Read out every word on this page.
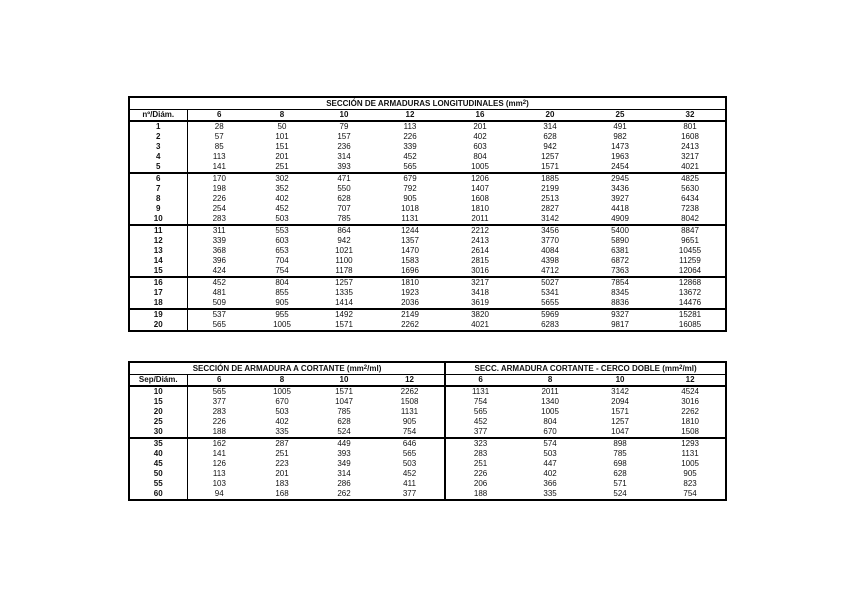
SECCIÓN DE ARMADURAS LONGITUDINALES $(mm^2)$								
nº/Diám.	6	8	10	12	16	20	25	32
1	28	50	79	113	201	314	491	801
2	57	101	157	226	402	628	982	1608
3	85	151	236	339	603	942	1473	2413
4	113	201	314	452	804	1257	1963	3217
5	141	251	393	565	1005	1571	2454	4021
6	170	302	471	679	1206	1885	2945	4825
7	198	352	550	792	1407	2199	3436	5630
8	226	402	628	905	1608	2513	3927	6434
9	254	452	707	1018	1810	2827	4418	7238
10	283	503	785	1131	2011	3142	4909	8042
11	311	553	864	1244	2212	3456	5400	8847
12	339	603	942	1357	2413	3770	5890	9651
13	368	653	1021	1470	2614	4084	6381	10455
14	396	704	1100	1583	2815	4398	6872	11259
15	424	754	1178	1696	3016	4712	7363	12064
16	452	804	1257	1810	3217	5027	7854	12868
17	481	855	1335	1923	3418	5341	8345	13672
18	509	905	1414	2036	3619	5655	8836	14476
19	537	955	1492	2149	3820	5969	9327	15281
20	565	1005	1571	2262	4021	6283	9817	16085
SECCIÓN DE ARMADURA A CORTANTE $(mm^2/ml)$					SECC. ARMADURA CORTANTE - CERCO DOBLE $(mm^2/ml)$			
Sep/Diám.	6	8	10	12	6	8	10	12
10	565	1005	1571	2262	1131	2011	3142	4524
15	377	670	1047	1508	754	1340	2094	3016
20	283	503	785	1131	565	1005	1571	2262
25	226	402	628	905	452	804	1257	1810
30	188	335	524	754	377	670	1047	1508
35	162	287	449	646	323	574	898	1293
40	141	251	393	565	283	503	785	1131
45	126	223	349	503	251	447	698	1005
50	113	201	314	452	226	402	628	905
55	103	183	286	411	206	366	571	823
60	94	168	262	377	188	335	524	754
